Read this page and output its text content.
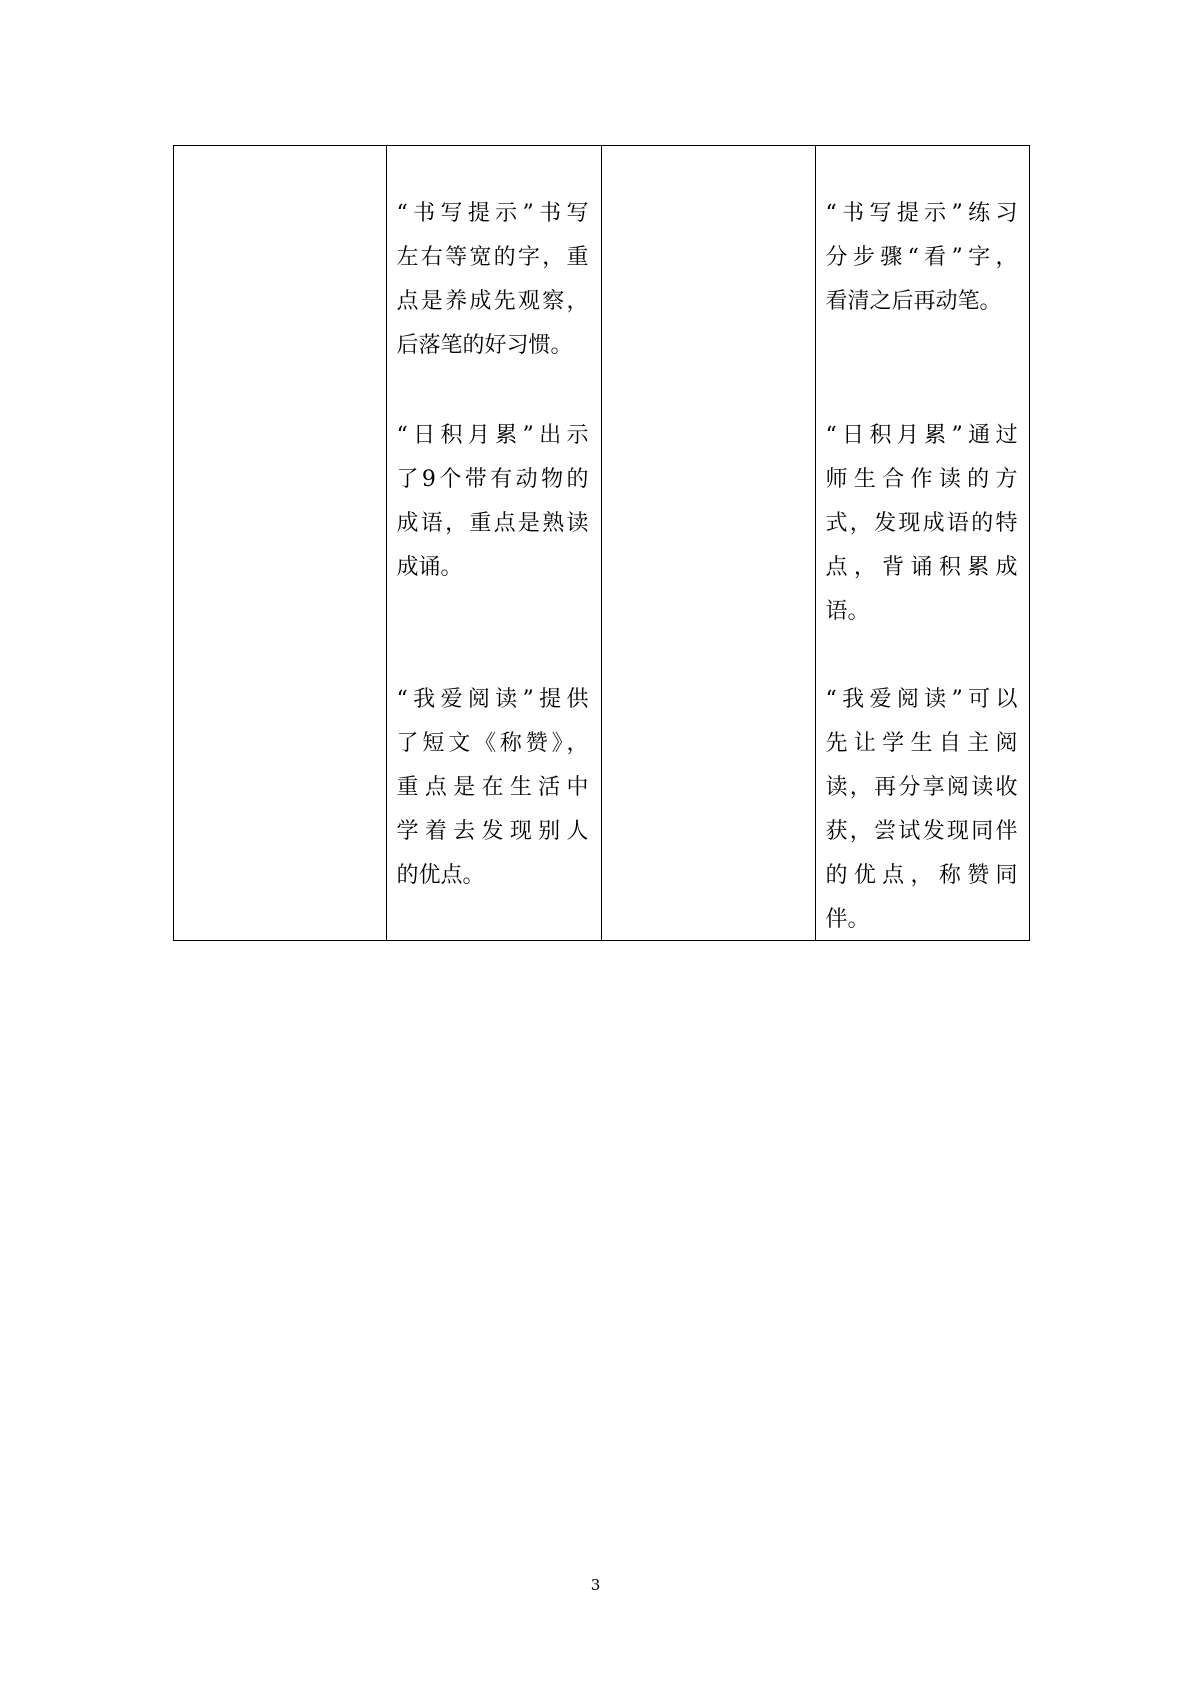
“书写提示”书写
左右等宽的字，重
点是养成先观察，
后落笔的好习惯。
“日积月累”出示
了9个带有动物的
成语，重点是熟读
成诵。
“我爱阅读”提供
了短文《称赞》，
重点是在生活中
学着去发现别人
的优点。
“书写提示”练习
分步骤“看”字，
看清之后再动笔。
“日积月累”通过
师生合作读的方
式，发现成语的特
点，背诵积累成
语。
“我爱阅读”可以
先让学生自主阅
读，再分享阅读收
获，尝试发现同伴
的优点，称赞同
伴。
3
